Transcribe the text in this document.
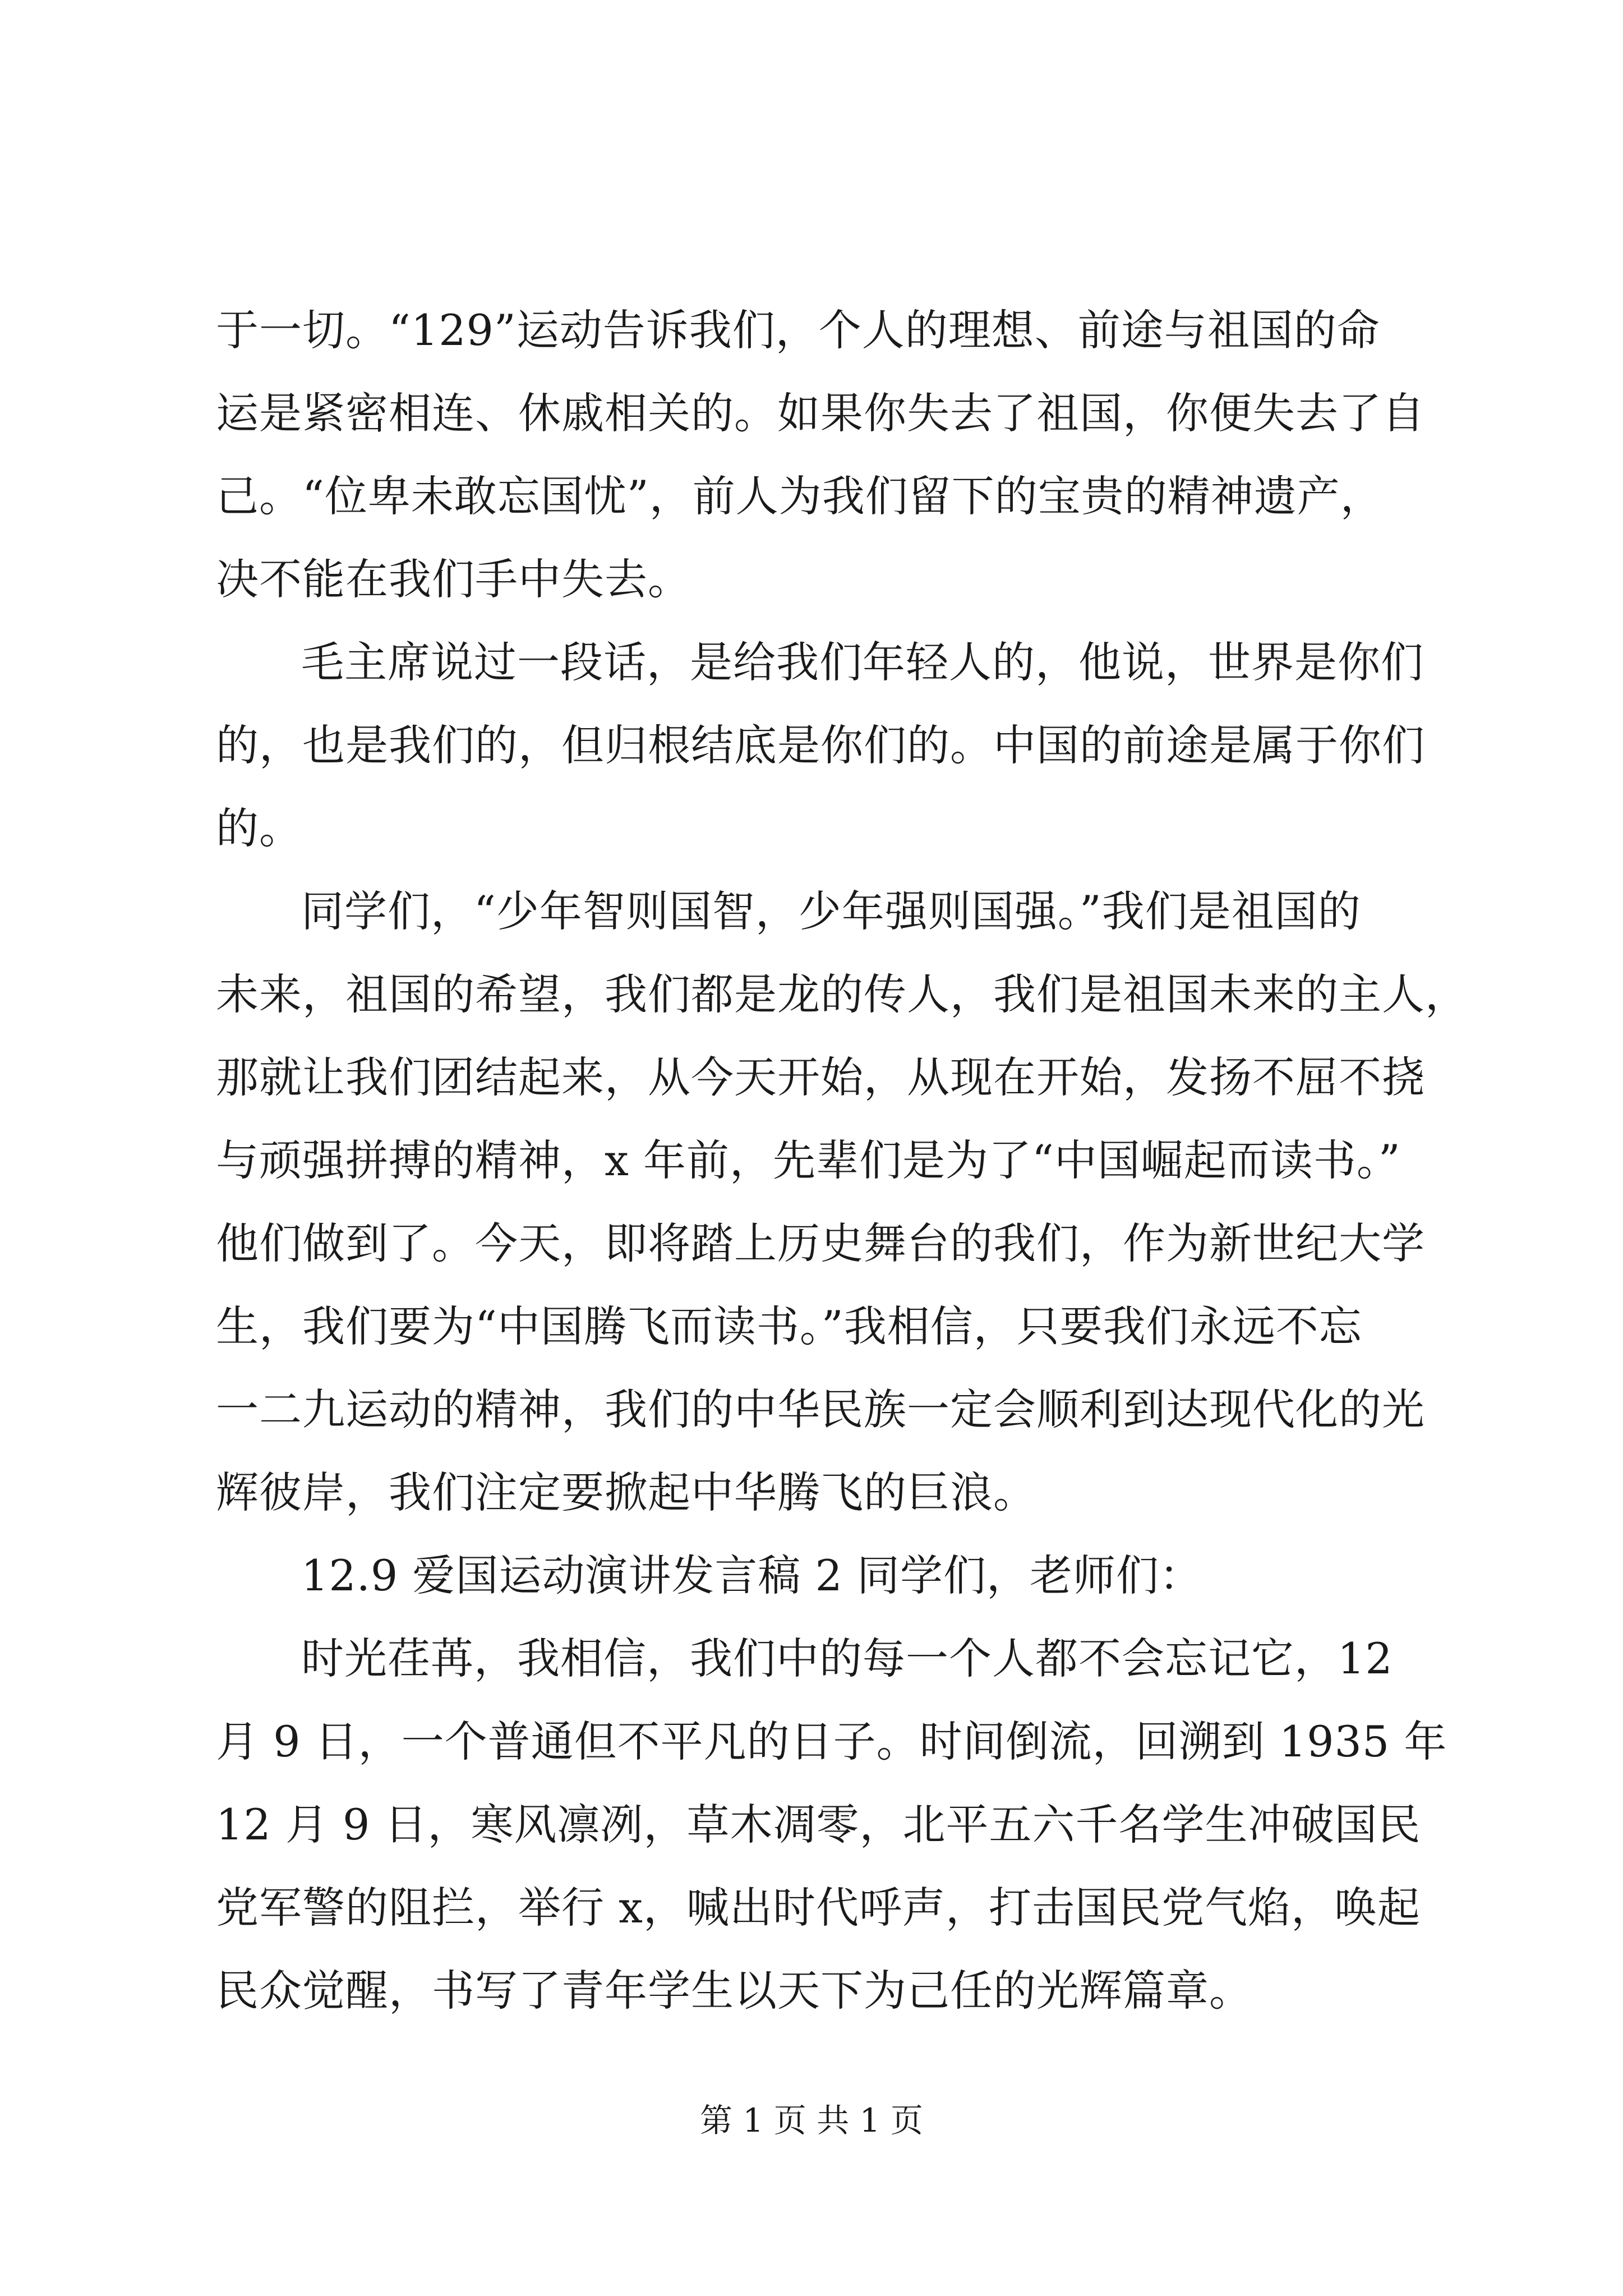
于一切。“129”运动告诉我们，个人的理想、前途与祖国的命
运是紧密相连、休戚相关的。如果你失去了祖国，你便失去了自
己。“位卑未敢忘国忧”，前人为我们留下的宝贵的精神遗产，
决不能在我们手中失去。
毛主席说过一段话，是给我们年轻人的，他说，世界是你们
的，也是我们的，但归根结底是你们的。中国的前途是属于你们
的。
同学们，“少年智则国智，少年强则国强。”我们是祖国的
未来，祖国的希望，我们都是龙的传人，我们是祖国未来的主人，
那就让我们团结起来，从今天开始，从现在开始，发扬不屈不挠
与顽强拼搏的精神，x 年前，先辈们是为了“中国崛起而读书。”
他们做到了。今天，即将踏上历史舞台的我们，作为新世纪大学
生，我们要为“中国腾飞而读书。”我相信，只要我们永远不忘
一二九运动的精神，我们的中华民族一定会顺利到达现代化的光
辉彼岸，我们注定要掀起中华腾飞的巨浪。
12.9 爱国运动演讲发言稿 2 同学们，老师们：
时光荏苒，我相信，我们中的每一个人都不会忘记它，12
月 9 日，一个普通但不平凡的日子。时间倒流，回溯到 1935 年
12 月 9 日，寒风凛冽，草木凋零，北平五六千名学生冲破国民
党军警的阻拦，举行 x，喊出时代呼声，打击国民党气焰，唤起
民众觉醒，书写了青年学生以天下为己任的光辉篇章。
第 1 页 共 1 页
